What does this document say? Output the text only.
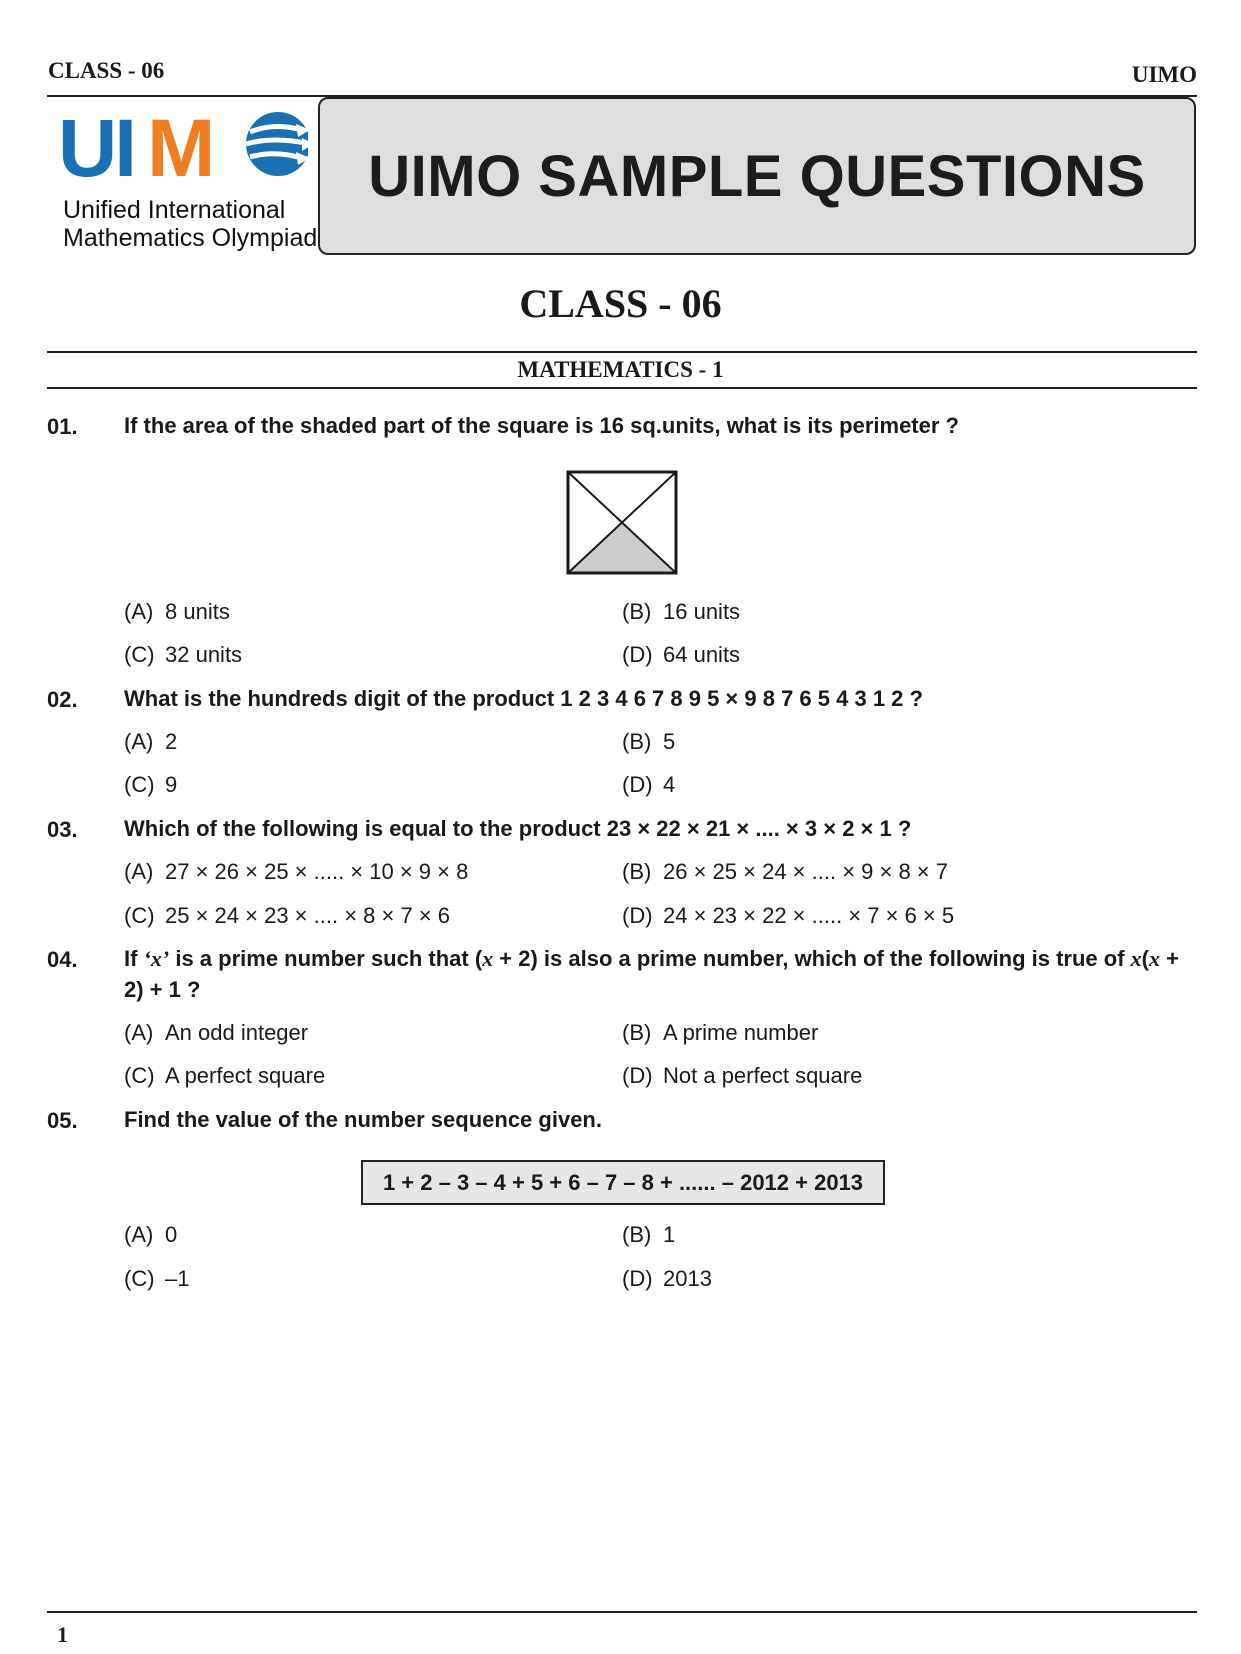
CLASS - 06	UIMO
UI M
Unified International
Mathematics Olympiad
UIMO SAMPLE QUESTIONS
CLASS - 06
MATHEMATICS - 1
01. If the area of the shaded part of the square is 16 sq.units, what is its perimeter ?
(A) 8 units	(B) 16 units
(C) 32 units	(D) 64 units
02. What is the hundreds digit of the product 1 2 3 4 6 7 8 9 5 × 9 8 7 6 5 4 3 1 2 ?
(A) 2	(B) 5
(C) 9	(D) 4
03. Which of the following is equal to the product 23 × 22 × 21 × .... × 3 × 2 × 1 ?
(A) 27 × 26 × 25 × ..... × 10 × 9 × 8	(B) 26 × 25 × 24 × .... × 9 × 8 × 7
(C) 25 × 24 × 23 × .... × 8 × 7 × 6	(D) 24 × 23 × 22 × ..... × 7 × 6 × 5
04. If ‘x’ is a prime number such that (x + 2) is also a prime number, which of the following is true of x(x + 2) + 1 ?
(A) An odd integer	(B) A prime number
(C) A perfect square	(D) Not a perfect square
05. Find the value of the number sequence given.
1 + 2 – 3 – 4 + 5 + 6 – 7 – 8 + ...... – 2012 + 2013
(A) 0	(B) 1
(C) –1	(D) 2013
1
